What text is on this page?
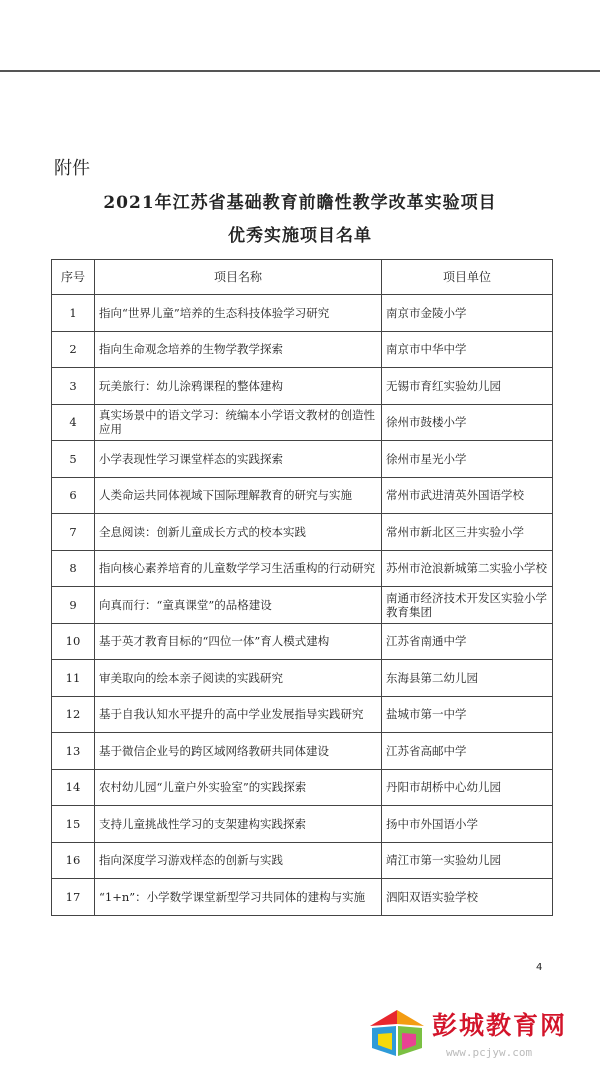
附件
2021年江苏省基础教育前瞻性教学改革实验项目
优秀实施项目名单
序号	项目名称	项目单位
1	指向“世界儿童”培养的生态科技体验学习研究	南京市金陵小学
2	指向生命观念培养的生物学教学探索	南京市中华中学
3	玩美旅行：幼儿涂鸦课程的整体建构	无锡市育红实验幼儿园
4	真实场景中的语文学习：统编本小学语文教材的创造性应用	徐州市鼓楼小学
5	小学表现性学习课堂样态的实践探索	徐州市星光小学
6	人类命运共同体视域下国际理解教育的研究与实施	常州市武进清英外国语学校
7	全息阅读：创新儿童成长方式的校本实践	常州市新北区三井实验小学
8	指向核心素养培育的儿童数学学习生活重构的行动研究	苏州市沧浪新城第二实验小学校
9	向真而行：“童真课堂”的品格建设	南通市经济技术开发区实验小学教育集团
10	基于英才教育目标的“四位一体”育人模式建构	江苏省南通中学
11	审美取向的绘本亲子阅读的实践研究	东海县第二幼儿园
12	基于自我认知水平提升的高中学业发展指导实践研究	盐城市第一中学
13	基于微信企业号的跨区域网络教研共同体建设	江苏省高邮中学
14	农村幼儿园“儿童户外实验室”的实践探索	丹阳市胡桥中心幼儿园
15	支持儿童挑战性学习的支架建构实践探索	扬中市外国语小学
16	指向深度学习游戏样态的创新与实践	靖江市第一实验幼儿园
17	“1+n”：小学数学课堂新型学习共同体的建构与实施	泗阳双语实验学校
4
彭城教育网
www.pcjyw.com
